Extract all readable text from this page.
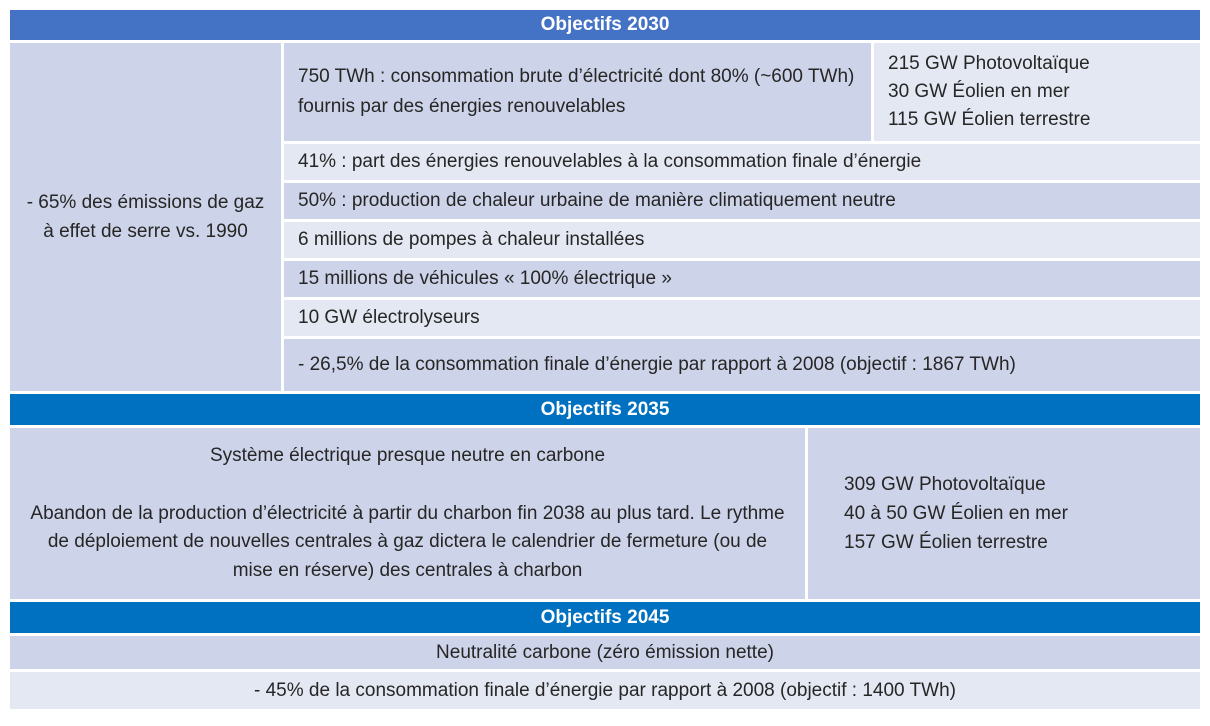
Objectifs 2030
- 65% des émissions de gaz à effet de serre vs. 1990
750 TWh : consommation brute d’électricité dont 80% (~600 TWh) fournis par des énergies renouvelables
215 GW Photovoltaïque
30 GW Éolien en mer
115 GW Éolien terrestre
41% : part des énergies renouvelables à la consommation finale d’énergie
50% : production de chaleur urbaine de manière climatiquement neutre
6 millions de pompes à chaleur installées
15 millions de véhicules « 100% électrique »
10 GW électrolyseurs
- 26,5% de la consommation finale d’énergie par rapport à 2008 (objectif : 1867 TWh)
Objectifs 2035
Système électrique presque neutre en carbone
Abandon de la production d’électricité à partir du charbon fin 2038 au plus tard. Le rythme de déploiement de nouvelles centrales à gaz dictera le calendrier de fermeture (ou de mise en réserve) des centrales à charbon
309 GW Photovoltaïque
40 à 50 GW Éolien en mer
157 GW Éolien terrestre
Objectifs 2045
Neutralité carbone (zéro émission nette)
- 45% de la consommation finale d’énergie par rapport à 2008 (objectif : 1400 TWh)
